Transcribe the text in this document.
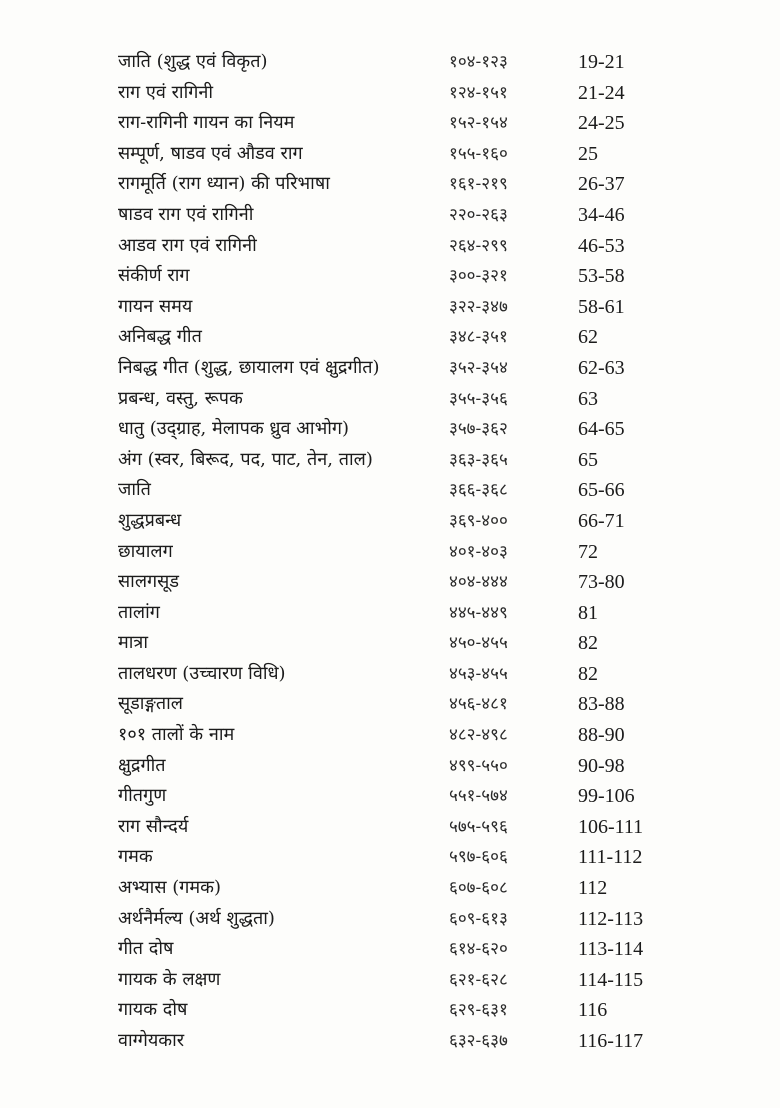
जाति (शुद्ध एवं विकृत)	१०४-१२३	19-21
राग एवं रागिनी	१२४-१५१	21-24
राग-रागिनी गायन का नियम	१५२-१५४	24-25
सम्पूर्ण, षाडव एवं औडव राग	१५५-१६०	25
रागमूर्ति (राग ध्यान) की परिभाषा	१६१-२१९	26-37
षाडव राग एवं रागिनी	२२०-२६३	34-46
आडव राग एवं रागिनी	२६४-२९९	46-53
संकीर्ण राग	३००-३२१	53-58
गायन समय	३२२-३४७	58-61
अनिबद्ध गीत	३४८-३५१	62
निबद्ध गीत (शुद्ध, छायालग एवं क्षुद्रगीत)	३५२-३५४	62-63
प्रबन्ध, वस्तु, रूपक	३५५-३५६	63
धातु (उद्ग्राह, मेलापक ध्रुव आभोग)	३५७-३६२	64-65
अंग (स्वर, बिरूद, पद, पाट, तेन, ताल)	३६३-३६५	65
जाति	३६६-३६८	65-66
शुद्धप्रबन्ध	३६९-४००	66-71
छायालग	४०१-४०३	72
सालगसूड	४०४-४४४	73-80
तालांग	४४५-४४९	81
मात्रा	४५०-४५५	82
तालधरण (उच्चारण विधि)	४५३-४५५	82
सूडाङ्गताल	४५६-४८१	83-88
१०१ तालों के नाम	४८२-४९८	88-90
क्षुद्रगीत	४९९-५५०	90-98
गीतगुण	५५१-५७४	99-106
राग सौन्दर्य	५७५-५९६	106-111
गमक	५९७-६०६	111-112
अभ्यास (गमक)	६०७-६०८	112
अर्थनैर्मल्य (अर्थ शुद्धता)	६०९-६१३	112-113
गीत दोष	६१४-६२०	113-114
गायक के लक्षण	६२१-६२८	114-115
गायक दोष	६२९-६३१	116
वाग्गेयकार	६३२-६३७	116-117
